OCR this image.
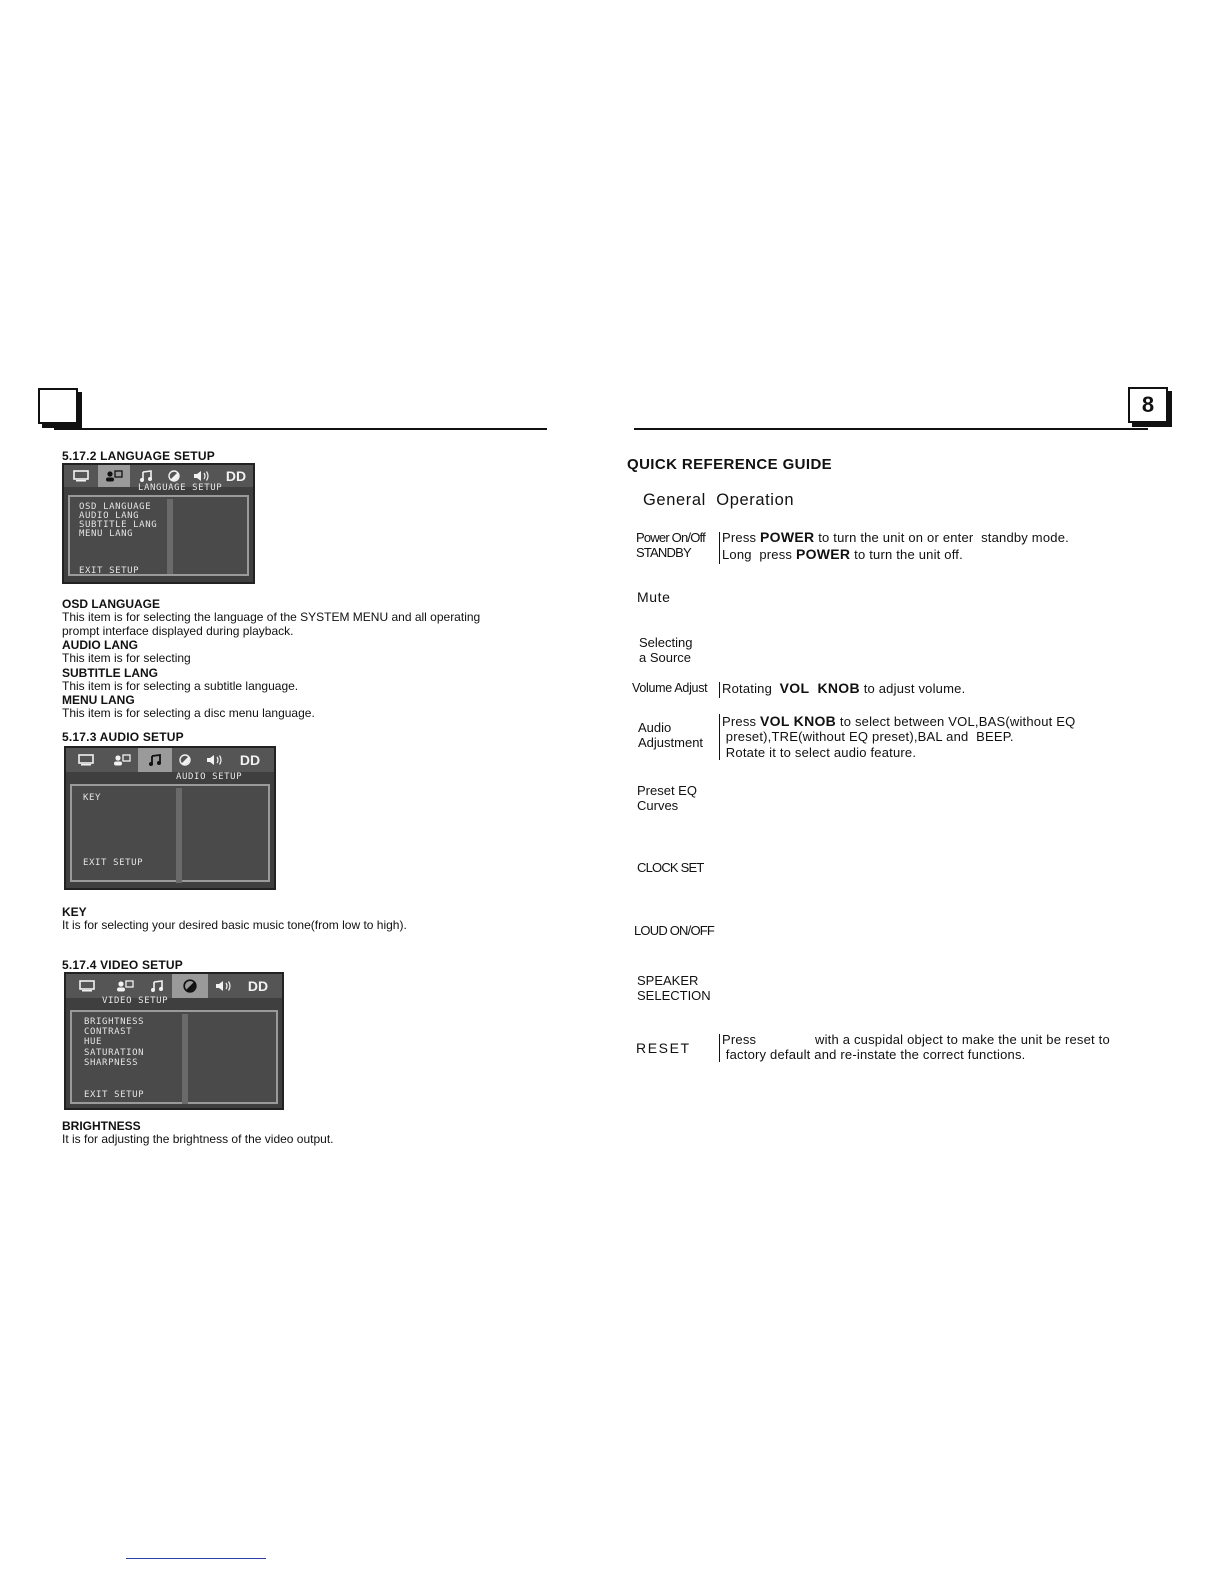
8
5.17.2 LANGUAGE SETUP
DD
LANGUAGE SETUP
OSD LANGUAGE
AUDIO LANG
SUBTITLE LANG
MENU LANG
EXIT SETUP
OSD LANGUAGE
This item is for selecting the language of the SYSTEM MENU and all operating prompt interface displayed during playback.
AUDIO LANG
This item is for selecting
SUBTITLE LANG
This item is for selecting a subtitle language.
MENU LANG
This item is for selecting a disc menu language.
5.17.3 AUDIO SETUP
DD
AUDIO SETUP
KEY
EXIT SETUP
KEY
It is for selecting your desired basic music tone(from low to high).
5.17.4 VIDEO SETUP
DD
VIDEO SETUP
BRIGHTNESS
CONTRAST
HUE
SATURATION
SHARPNESS
EXIT SETUP
BRIGHTNESS
It is for adjusting the brightness of the video output.
QUICK REFERENCE GUIDE
General  Operation
Power On/Off
STANDBY
Press POWER to turn the unit on or enter  standby mode.
Long  press POWER to turn the unit off.
Mute
Selecting
a Source
Volume Adjust Rotating  VOL  KNOB to adjust volume.
Audio
Adjustment
Press VOL KNOB to select between VOL,BAS(without EQ
preset),TRE(without EQ preset),BAL and  BEEP.
Rotate it to select audio feature.
Preset EQ
Curves
CLOCK SET
LOUD ON/OFF
SPEAKER
SELECTION
RESET
Press	with a cuspidal object to make the unit be reset to
factory default and re-instate the correct functions.
